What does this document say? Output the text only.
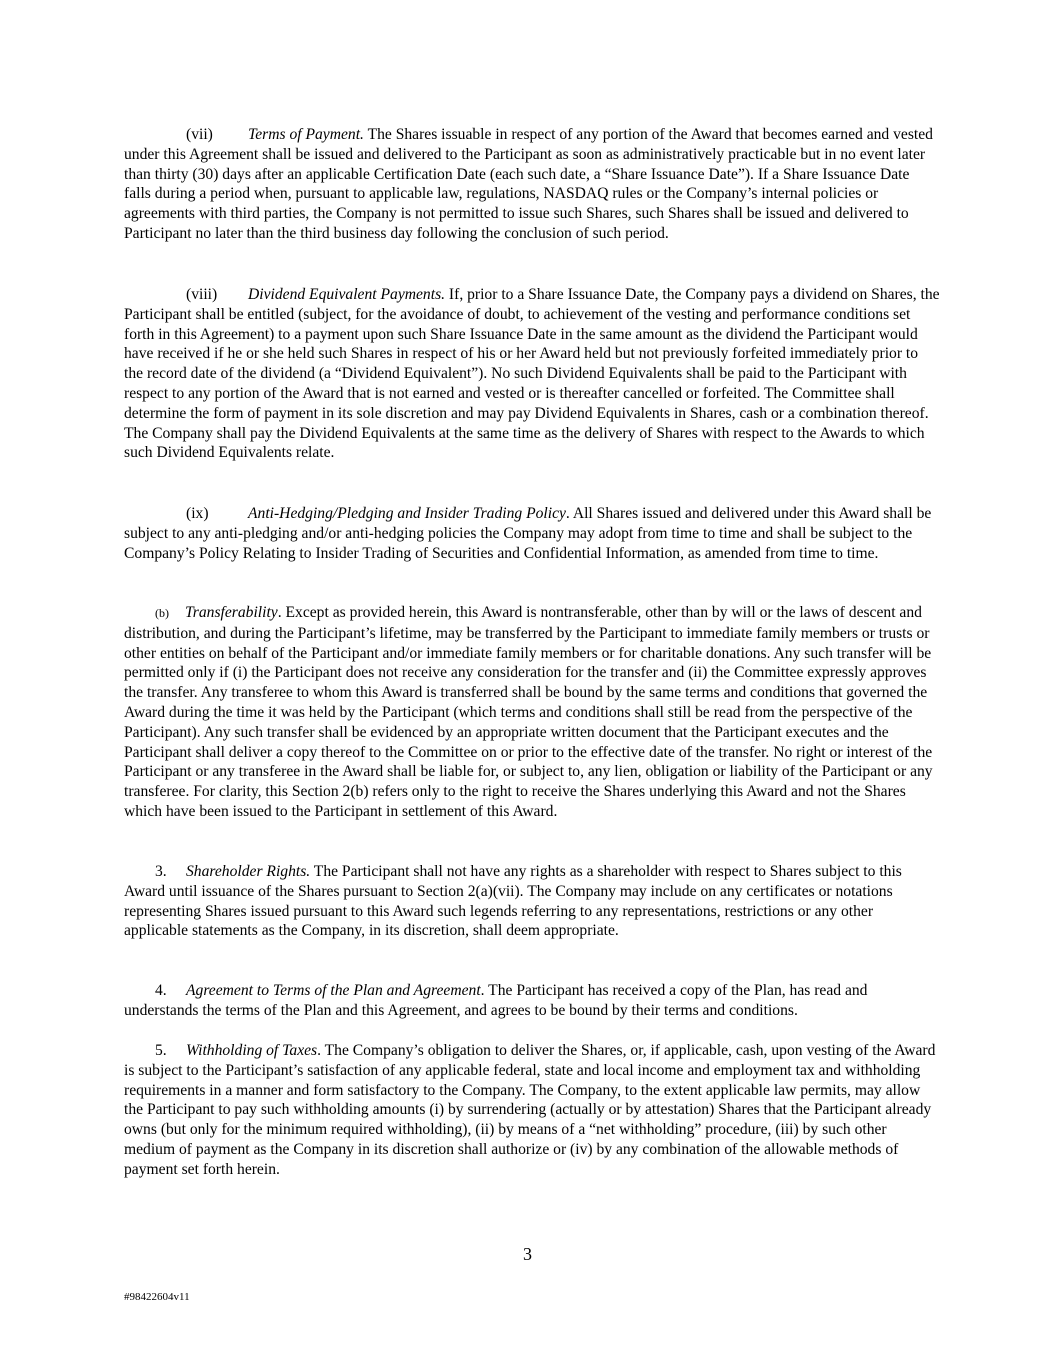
(vii) Terms of Payment. The Shares issuable in respect of any portion of the Award that becomes earned and vested under this Agreement shall be issued and delivered to the Participant as soon as administratively practicable but in no event later than thirty (30) days after an applicable Certification Date (each such date, a “Share Issuance Date”). If a Share Issuance Date falls during a period when, pursuant to applicable law, regulations, NASDAQ rules or the Company’s internal policies or agreements with third parties, the Company is not permitted to issue such Shares, such Shares shall be issued and delivered to Participant no later than the third business day following the conclusion of such period.

(viii) Dividend Equivalent Payments. If, prior to a Share Issuance Date, the Company pays a dividend on Shares, the Participant shall be entitled (subject, for the avoidance of doubt, to achievement of the vesting and performance conditions set forth in this Agreement) to a payment upon such Share Issuance Date in the same amount as the dividend the Participant would have received if he or she held such Shares in respect of his or her Award held but not previously forfeited immediately prior to the record date of the dividend (a “Dividend Equivalent”). No such Dividend Equivalents shall be paid to the Participant with respect to any portion of the Award that is not earned and vested or is thereafter cancelled or forfeited. The Committee shall determine the form of payment in its sole discretion and may pay Dividend Equivalents in Shares, cash or a combination thereof. The Company shall pay the Dividend Equivalents at the same time as the delivery of Shares with respect to the Awards to which such Dividend Equivalents relate.

(ix)	Anti-Hedging/Pledging and Insider Trading Policy. All Shares issued and delivered under this Award shall be subject to any anti-pledging and/or anti-hedging policies the Company may adopt from time to time and shall be subject to the Company’s Policy Relating to Insider Trading of Securities and Confidential Information, as amended from time to time.

(b) Transferability. Except as provided herein, this Award is nontransferable, other than by will or the laws of descent and distribution, and during the Participant’s lifetime, may be transferred by the Participant to immediate family members or trusts or other entities on behalf of the Participant and/or immediate family members or for charitable donations. Any such transfer will be permitted only if (i) the Participant does not receive any consideration for the transfer and (ii) the Committee expressly approves the transfer. Any transferee to whom this Award is transferred shall be bound by the same terms and conditions that governed the Award during the time it was held by the Participant (which terms and conditions shall still be read from the perspective of the Participant). Any such transfer shall be evidenced by an appropriate written document that the Participant executes and the Participant shall deliver a copy thereof to the Committee on or prior to the effective date of the transfer. No right or interest of the Participant or any transferee in the Award shall be liable for, or subject to, any lien, obligation or liability of the Participant or any transferee. For clarity, this Section 2(b) refers only to the right to receive the Shares underlying this Award and not the Shares which have been issued to the Participant in settlement of this Award.

3. Shareholder Rights. The Participant shall not have any rights as a shareholder with respect to Shares subject to this Award until issuance of the Shares pursuant to Section 2(a)(vii). The Company may include on any certificates or notations representing Shares issued pursuant to this Award such legends referring to any representations, restrictions or any other applicable statements as the Company, in its discretion, shall deem appropriate.

4. Agreement to Terms of the Plan and Agreement. The Participant has received a copy of the Plan, has read and understands the terms of the Plan and this Agreement, and agrees to be bound by their terms and conditions.

5. Withholding of Taxes. The Company’s obligation to deliver the Shares, or, if applicable, cash, upon vesting of the Award is subject to the Participant’s satisfaction of any applicable federal, state and local income and employment tax and withholding requirements in a manner and form satisfactory to the Company. The Company, to the extent applicable law permits, may allow the Participant to pay such withholding amounts (i) by surrendering (actually or by attestation) Shares that the Participant already owns (but only for the minimum required withholding), (ii) by means of a “net withholding” procedure, (iii) by such other medium of payment as the Company in its discretion shall authorize or (iv) by any combination of the allowable methods of payment set forth herein.

3
#98422604v11
